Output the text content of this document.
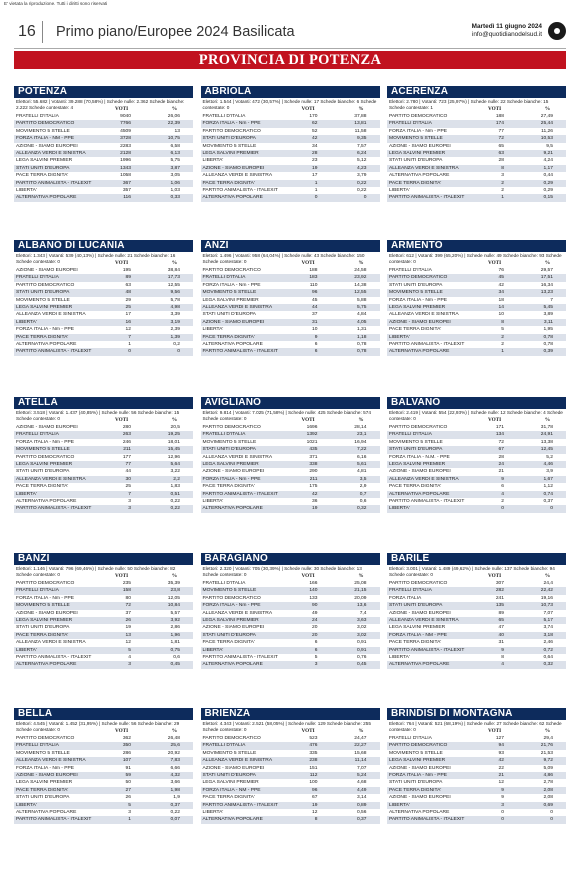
E' vietata la riproduzione. Tutti i diritti sono riservati
16 Primo piano/Europee 2024 Basilicata	Martedì 11 giugno 2024
info@quotidianodelsud.it
PROVINCIA DI POTENZA
POTENZA
Elettori: 55.682 | Votanti: 39.288 (70,58%) | Schede nulle: 2.362 Schede bianche: 2.222 Schede contestate: 4	VOTI	%
FRATELLI D'ITALIA	9040	26,06
PARTITO DEMOCRATICO	7766	22,39
MOVIMENTO 5 STELLE	4509	13
FORZA ITALIA - NM - PPE	3728	10,75
AZIONE - SIAMO EUROPEI	2283	6,58
ALLEANZA VERDI E SINISTRA	2128	6,13
LEGA SALVINI PREMIER	1996	5,75
STATI UNITI D'EUROPA	1343	3,87
PACE TERRA DIGNITA'	1058	3,05
PARTITO ANIMALISTA - ITALEXIT	367	1,06
LIBERTA'	357	1,03
ALTERNATIVA POPOLARE	116	0,33
ABRIOLA
Elettori: 1.544 | Votanti: 472 (30,57%) | Schede nulle: 17 Schede bianche: 6 Schede contestate: 0	VOTI	%
FRATELLI D'ITALIA	170	37,88
FORZA ITALIA - Nm - PPE	62	13,81
PARTITO DEMOCRATICO	52	11,58
STATI UNITI D'EUROPA	42	9,35
MOVIMENTO 5 STELLE	34	7,57
LEGA SALVINI PREMIER	28	6,24
LIBERTA'	23	5,12
AZIONE - SIAMO EUROPEI	19	4,23
ALLEANZA VERDI E SINISTRA	17	3,79
PACE TERRA DIGNITA'	1	0,22
PARTITO ANIMALISTA - ITALEXIT	1	0,22
ALTERNATIVA POPOLARE	0	0
ACERENZA
Elettori: 2.780 | Votanti: 723 (25,97%) | Schede nulle: 22 Schede bianche: 15 Schede contestate: 1	VOTI	%
PARTITO DEMOCRATICO	188	27,49
FRATELLI D'ITALIA	174	25,44
FORZA ITALIA - Nm - PPE	77	11,26
MOVIMENTO 5 STELLE	72	10,53
AZIONE - SIAMO EUROPEI	65	9,5
LEGA SALVINI PREMIER	63	9,21
STATI UNITI D'EUROPA	28	4,24
ALLEANZA VERDI E SINISTRA	8	1,17
ALTERNATIVA POPOLARE	3	0,44
PACE TERRA DIGNITA'	2	0,29
LIBERTA'	2	0,29
PARTITO ANIMALISTA - ITALEXIT	1	0,15
ALBANO DI LUCANIA
Elettori: 1.343 | Votanti: 539 (40,13%) | Schede nulle: 21 Schede bianche: 16 Schede contestate: 0	VOTI	%
AZIONE - SIAMO EUROPEI	195	38,84
FRATELLI D'ITALIA	89	17,73
PARTITO DEMOCRATICO	63	12,55
STATI UNITI D'EUROPA	48	9,56
MOVIMENTO 5 STELLE	29	5,78
LEGA SALVINI PREMIER	25	4,98
ALLEANZA VERDI E SINISTRA	17	3,39
LIBERTA'	16	3,19
FORZA ITALIA - Nm - PPE	12	2,39
PACE TERRA DIGNITA'	7	1,39
ALTERNATIVA POPOLARE	1	0,2
PARTITO ANIMALISTA - ITALEXIT	0	0
ANZI
Elettori: 1.496 | Votanti: 958 (64,04%) | Schede nulle: 43 Schede bianche: 150 Schede contestate: 0	VOTI	%
PARTITO DEMOCRATICO	188	24,58
FRATELLI D'ITALIA	183	23,92
FORZA ITALIA - Nm - PPE	110	14,38
MOVIMENTO 5 STELLE	96	12,55
LEGA SALVINI PREMIER	45	5,88
ALLEANZA VERDI E SINISTRA	44	5,75
STATI UNITI D'EUROPA	37	4,84
AZIONE - SIAMO EUROPEI	31	4,05
LIBERTA'	10	1,31
PACE TERRA DIGNITA'	9	1,18
ALTERNATIVA POPOLARE	6	0,78
PARTITO ANIMALISTA - ITALEXIT	6	0,78
ARMENTO
Elettori: 612 | Votanti: 399 (65,20%) | Schede nulle: 49 Schede bianche: 93 Schede contestate: 0	VOTI	%
FRATELLI D'ITALIA	76	29,57
PARTITO DEMOCRATICO	45	17,51
STATI UNITI D'EUROPA	42	16,34
MOVIMENTO 5 STELLE	34	13,23
FORZA ITALIA - Nm - PPE	18	7
LEGA SALVINI PREMIER	14	5,45
ALLEANZA VERDI E SINISTRA	10	3,89
AZIONE - SIAMO EUROPEI	8	3,11
PACE TERRA DIGNITA'	5	1,95
LIBERTA'	2	0,78
PARTITO ANIMALISTA - ITALEXIT	2	0,78
ALTERNATIVA POPOLARE	1	0,39
ATELLA
Elettori: 3.518 | Votanti: 1.437 (40,85%) | Schede nulle: 56 Schede bianche: 15 Schede contestate: 0	VOTI	%
AZIONE - SIAMO EUROPEI	280	20,5
FRATELLI D'ITALIA	263	19,25
FORZA ITALIA - Nm - PPE	246	18,01
MOVIMENTO 5 STELLE	211	15,45
PARTITO DEMOCRATICO	177	12,96
LEGA SALVINI PREMIER	77	5,64
STATI UNITI D'EUROPA	44	3,22
ALLEANZA VERDI E SINISTRA	30	2,2
PACE TERRA DIGNITA'	25	1,83
LIBERTA'	7	0,51
ALTERNATIVA POPOLARE	3	0,22
PARTITO ANIMALISTA - ITALEXIT	3	0,22
AVIGLIANO
Elettori: 9.814 | Votanti: 7.025 (71,58%) | Schede nulle: 425 Schede bianche: 574 Schede contestate: 0	VOTI	%
PARTITO DEMOCRATICO	1696	28,14
FRATELLI D'ITALIA	1392	23,1
MOVIMENTO 5 STELLE	1021	16,94
STATI UNITI D'EUROPA	435	7,22
ALLEANZA VERDI E SINISTRA	371	6,16
LEGA SALVINI PREMIER	338	5,61
AZIONE - SIAMO EUROPEI	290	4,81
FORZA ITALIA - Nm - PPE	211	3,5
PACE TERRA DIGNITA'	175	2,9
PARTITO ANIMALISTA - ITALEXIT	42	0,7
LIBERTA'	36	0,6
ALTERNATIVA POPOLARE	19	0,32
BALVANO
Elettori: 2.419 | Votanti: 554 (22,93%) | Schede nulle: 12 Schede bianche: 4 Schede contestate: 0	VOTI	%
PARTITO DEMOCRATICO	171	31,78
FRATELLI D'ITALIA	134	24,91
MOVIMENTO 5 STELLE	72	13,38
STATI UNITI D'EUROPA	67	12,45
FORZA ITALIA - N.M. - PPE	28	5,2
LEGA SALVINI PREMIER	24	4,46
AZIONE - SIAMO EUROPEI	21	3,9
ALLEANZA VERDI E SINISTRA	9	1,67
PACE TERRA DIGNITA'	6	1,12
ALTERNATIVA POPOLARE	4	0,74
PARTITO ANIMALISTA - ITALEXIT	2	0,37
LIBERTA'	0	0
BANZI
Elettori: 1.146 | Votanti: 796 (69,46%) | Schede nulle: 50 Schede bianche: 82 Schede contestate: 0	VOTI	%
PARTITO DEMOCRATICO	235	35,39
FRATELLI D'ITALIA	158	23,8
FORZA ITALIA - Nm - PPE	80	12,05
MOVIMENTO 5 STELLE	72	10,84
AZIONE - SIAMO EUROPEI	37	5,57
LEGA SALVINI PREMIER	26	3,92
STATI UNITI D'EUROPA	19	2,86
PACE TERRA DIGNITA'	13	1,96
ALLEANZA VERDI E SINISTRA	12	1,81
LIBERTA'	5	0,75
PARTITO ANIMALISTA - ITALEXIT	4	0,6
ALTERNATIVA POPOLARE	3	0,45
BARAGIANO
Elettori: 2.320 | Votanti: 705 (30,39%) | Schede nulle: 30 Schede bianche: 13 Schede contestate: 0	VOTI	%
FRATELLI D'ITALIA	166	25,08
MOVIMENTO 5 STELLE	140	21,15
PARTITO DEMOCRATICO	133	20,09
FORZA ITALIA - Nm - PPE	90	13,6
ALLEANZA VERDI E SINISTRA	49	7,4
LEGA SALVINI PREMIER	24	3,63
AZIONE - SIAMO EUROPEI	20	3,02
STATI UNITI D'EUROPA	20	3,02
PACE TERRA DIGNITA'	6	0,91
LIBERTA'	6	0,91
PARTITO ANIMALISTA - ITALEXIT	5	0,76
ALTERNATIVA POPOLARE	3	0,45
BARILE
Elettori: 3.001 | Votanti: 1.489 (49,62%) | Schede nulle: 137 Schede bianche: 94 Schede contestate: 0	VOTI	%
PARTITO DEMOCRATICO	307	24,4
FRATELLI D'ITALIA	282	22,42
FORZA ITALIA	241	19,16
STATI UNITI D'EUROPA	135	10,73
AZIONE - SIAMO EUROPEI	89	7,07
ALLEANZA VERDI E SINISTRA	65	5,17
LEGA SALVINI PREMIER	47	3,74
FORZA ITALIA - NM - PPE	40	3,18
PACE TERRA DIGNITA'	31	2,46
PARTITO ANIMALISTA - ITALEXIT	9	0,72
LIBERTA'	8	0,64
ALTERNATIVA POPOLARE	4	0,32
BELLA
Elettori: 4.545 | Votanti: 1.452 (31,95%) | Schede nulle: 56 Schede bianche: 29 Schede contestate: 0	VOTI	%
PARTITO DEMOCRATICO	362	26,48
FRATELLI D'ITALIA	350	25,6
MOVIMENTO 5 STELLE	286	20,92
ALLEANZA VERDI E SINISTRA	107	7,83
FORZA ITALIA - Nm - PPE	91	6,66
AZIONE - SIAMO EUROPEI	59	4,32
LEGA SALVINI PREMIER	50	3,66
PACE TERRA DIGNITA'	27	1,98
STATI UNITI D'EUROPA	26	1,9
LIBERTA'	5	0,37
ALTERNATIVA POPOLARE	3	0,22
PARTITO ANIMALISTA - ITALEXIT	1	0,07
BRIENZA
Elettori: 4.343 | Votanti: 2.521 (58,05%) | Schede nulle: 129 Schede bianche: 255 Schede contestate: 0	VOTI	%
PARTITO DEMOCRATICO	523	24,47
FRATELLI D'ITALIA	476	22,27
MOVIMENTO 5 STELLE	335	15,68
ALLEANZA VERDI E SINISTRA	238	11,14
AZIONE - SIAMO EUROPEI	151	7,07
STATI UNITI D'EUROPA	112	5,24
LEGA SALVINI PREMIER	100	4,68
FORZA ITALIA - NM - PPE	96	4,49
PACE TERRA DIGNITA'	67	3,14
PARTITO ANIMALISTA - ITALEXIT	19	0,89
LIBERTA'	12	0,56
ALTERNATIVA POPOLARE	8	0,37
BRINDISI DI MONTAGNA
Elettori: 764 | Votanti: 521 (68,19%) | Schede nulle: 27 Schede bianche: 62 Schede contestate: 0	VOTI	%
FRATELLI D'ITALIA	127	29,4
PARTITO DEMOCRATICO	94	21,76
MOVIMENTO 5 STELLE	93	21,53
LEGA SALVINI PREMIER	42	9,72
AZIONE - SIAMO EUROPEI	22	5,09
FORZA ITALIA - Nm - PPE	21	4,86
STATI UNITI D'EUROPA	12	2,78
PACE TERRA DIGNITA'	9	2,08
AZIONE - SIAMO EUROPEI	9	2,08
LIBERTA'	3	0,69
ALTERNATIVA POPOLARE	0	0
PARTITO ANIMALISTA - ITALEXIT	0	0
